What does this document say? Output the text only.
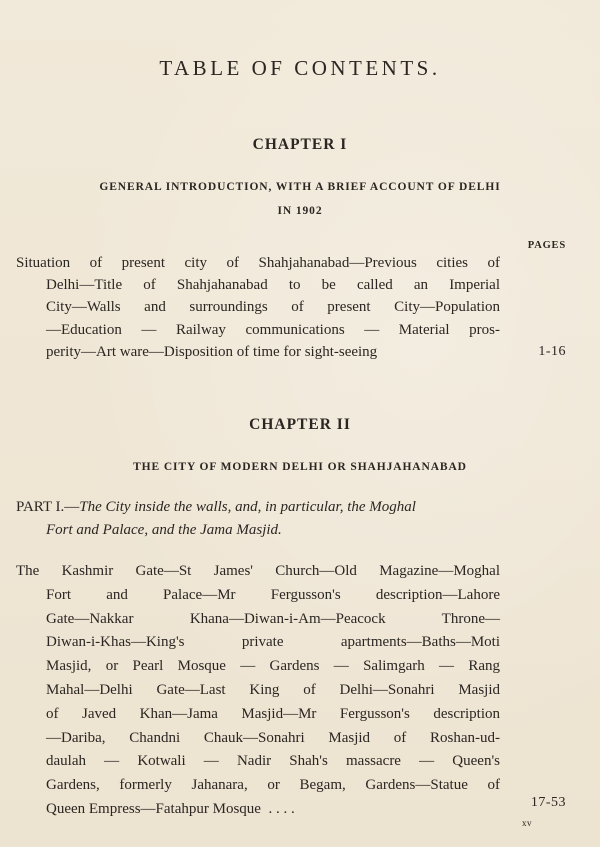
TABLE OF CONTENTS.
CHAPTER I
GENERAL INTRODUCTION, WITH A BRIEF ACCOUNT OF DELHI
IN 1902
PAGES
Situation of present city of Shahjahanabad—Previous cities of
Delhi—Title of Shahjahanabad to be called an Imperial
City—Walls and surroundings of present City—Population
—Education — Railway communications — Material pros-
perity—Art ware—Disposition of time for sight-seeing	1-16
CHAPTER II
THE CITY OF MODERN DELHI OR SHAHJAHANABAD
PART I.—The City inside the walls, and, in particular, the Moghal
Fort and Palace, and the Jama Masjid.
The Kashmir Gate—St James' Church—Old Magazine—Moghal
Fort and Palace—Mr Fergusson's description—Lahore
Gate—Nakkar Khana—Diwan-i-Am—Peacock Throne—
Diwan-i-Khas—King's private apartments—Baths—Moti
Masjid, or Pearl Mosque — Gardens — Salimgarh — Rang
Mahal—Delhi Gate—Last King of Delhi—Sonahri Masjid
of Javed Khan—Jama Masjid—Mr Fergusson's description
—Dariba, Chandni Chauk—Sonahri Masjid of Roshan-ud-
daulah — Kotwali — Nadir Shah's massacre — Queen's
Gardens, formerly Jahanara, or Begam, Gardens—Statue of
Queen Empress—Fatahpur Mosque . . . .	17-53
xv
